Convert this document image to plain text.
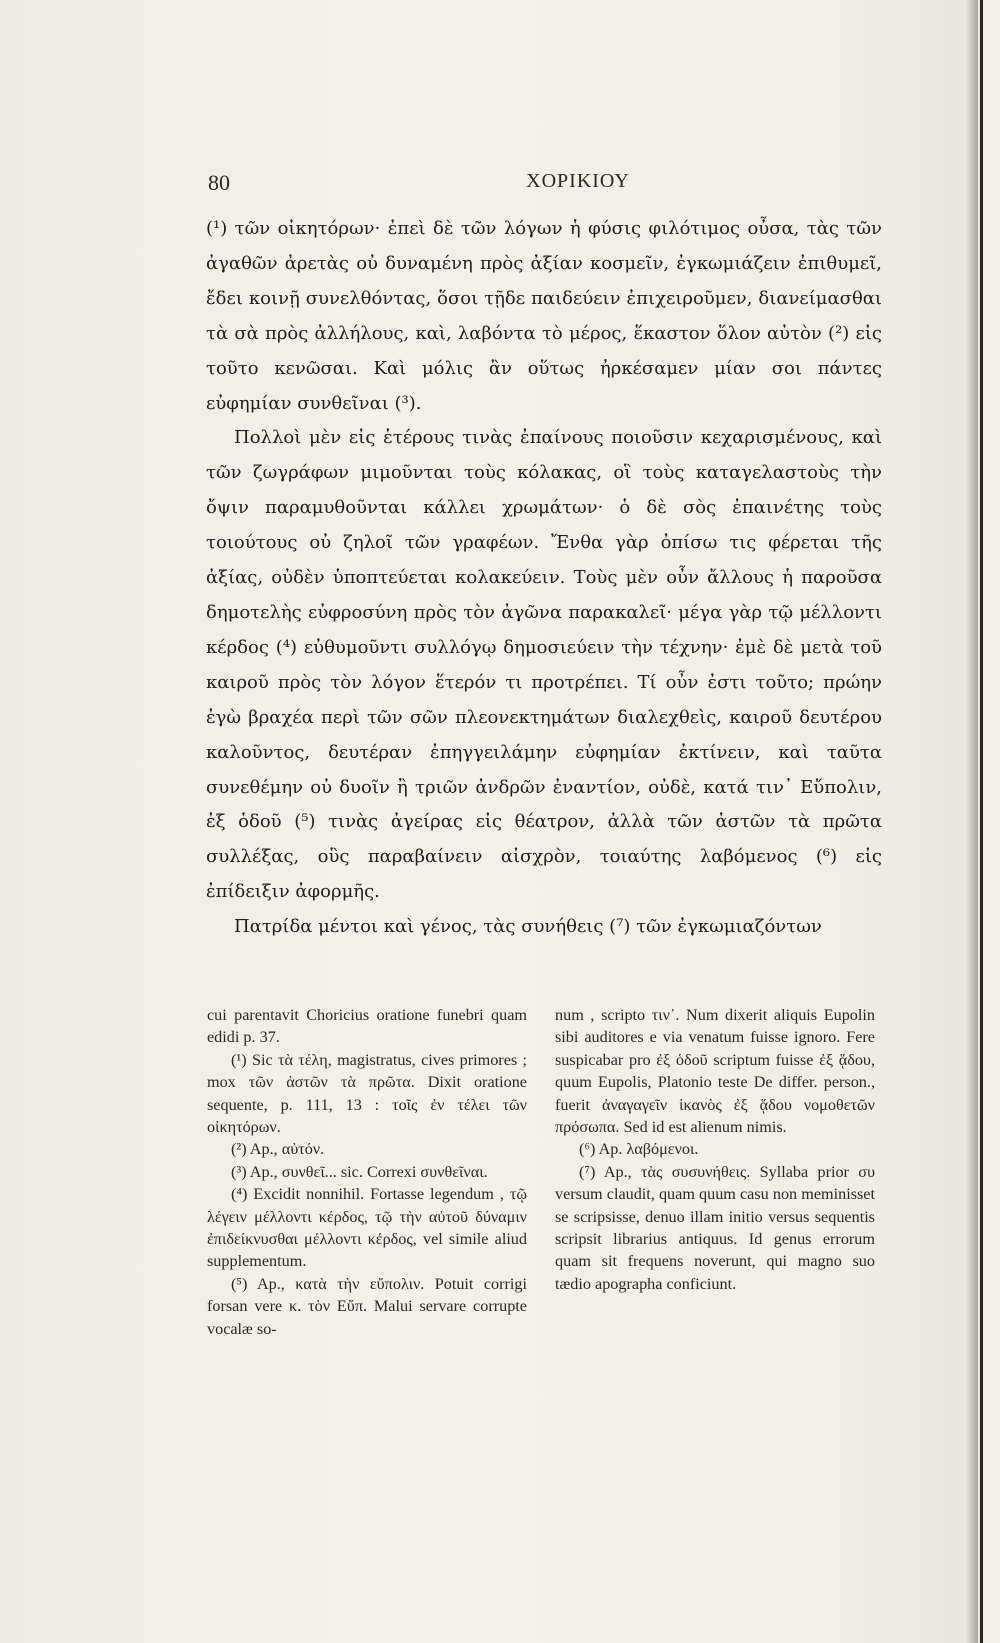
80	ΧΟΡΙΚΙΟΥ

(¹) τῶν οἰκητόρων· ἐπεὶ δὲ τῶν λόγων ἡ φύσις φιλότιμος οὖσα, τὰς τῶν ἀγαθῶν ἀρετὰς οὐ δυναμένη πρὸς ἀξίαν κοσμεῖν, ἐγκωμιάζειν ἐπιθυμεῖ, ἔδει κοινῇ συνελθόντας, ὅσοι τῇδε παιδεύειν ἐπιχειροῦμεν, διανείμασθαι τὰ σὰ πρὸς ἀλλήλους, καὶ, λαβόντα τὸ μέρος, ἕκαστον ὅλον αὐτὸν (²) εἰς τοῦτο κενῶσαι. Καὶ μόλις ἂν οὕτως ἠρκέσαμεν μίαν σοι πάντες εὐφημίαν συνθεῖναι (³).

Πολλοὶ μὲν εἰς ἑτέρους τινὰς ἐπαίνους ποιοῦσιν κεχαρισμένους, καὶ τῶν ζωγράφων μιμοῦνται τοὺς κόλακας, οἳ τοὺς καταγελαστοὺς τὴν ὄψιν παραμυθοῦνται κάλλει χρωμάτων· ὁ δὲ σὸς ἐπαινέτης τοὺς τοιούτους οὐ ζηλοῖ τῶν γραφέων. Ἔνθα γὰρ ὀπίσω τις φέρεται τῆς ἀξίας, οὐδὲν ὑποπτεύεται κολακεύειν. Τοὺς μὲν οὖν ἄλλους ἡ παροῦσα δημοτελὴς εὐφροσύνη πρὸς τὸν ἀγῶνα παρακαλεῖ· μέγα γὰρ τῷ μέλλοντι κέρδος (⁴) εὐθυμοῦντι συλλόγῳ δημοσιεύειν τὴν τέχνην· ἐμὲ δὲ μετὰ τοῦ καιροῦ πρὸς τὸν λόγον ἕτερόν τι προτρέπει. Τί οὖν ἐστι τοῦτο; πρώην ἐγὼ βραχέα περὶ τῶν σῶν πλεονεκτημάτων διαλεχθεὶς, καιροῦ δευτέρου καλοῦντος, δευτέραν ἐπηγγειλάμην εὐφημίαν ἐκτίνειν, καὶ ταῦτα συνεθέμην οὐ δυοῖν ἢ τριῶν ἀνδρῶν ἐναντίον, οὐδὲ, κατά τιν᾽ Εὔπολιν, ἐξ ὁδοῦ (⁵) τινὰς ἀγείρας εἰς θέατρον, ἀλλὰ τῶν ἀστῶν τὰ πρῶτα συλλέξας, οὓς παραβαίνειν αἰσχρὸν, τοιαύτης λαβόμενος (⁶) εἰς ἐπίδειξιν ἀφορμῆς.

Πατρίδα μέντοι καὶ γένος, τὰς συνήθεις (⁷) τῶν ἐγκωμιαζόντων

cui parentavit Choricius oratione funebri quam edidi p. 37.

(¹) Sic τὰ τέλη, magistratus, cives primores ; mox τῶν ἀστῶν τὰ πρῶτα. Dixit oratione sequente, p. 111, 13 : τοῖς ἐν τέλει τῶν οἰκητόρων.

(²) Ap., αὐτόν.

(³) Ap., συνθεῖ... sic. Correxi συνθεῖναι.

(⁴) Excidit nonnihil. Fortasse legendum , τῷ λέγειν μέλλοντι κέρδος, τῷ τὴν αὐτοῦ δύναμιν ἐπιδείκνυσθαι μέλλοντι κέρδος, vel simile aliud supplementum.

(⁵) Ap., κατὰ τὴν εὔπολιν. Potuit corrigi forsan vere κ. τὸν Εὔπ. Malui servare corrupte vocalæ so-

num , scripto τιν᾽. Num dixerit aliquis Eupolin sibi auditores e via venatum fuisse ignoro. Fere suspicabar pro ἐξ ὁδοῦ scriptum fuisse ἐξ ᾅδου, quum Eupolis, Platonio teste De differ. person., fuerit ἀναγαγεῖν ἱκανὸς ἐξ ᾅδου νομοθετῶν πρόσωπα. Sed id est alienum nimis.

(⁶) Ap. λαβόμενοι.

(⁷) Ap., τὰς συσυνήθεις. Syllaba prior συ versum claudit, quam quum casu non meminisset se scripsisse, denuo illam initio versus sequentis scripsit librarius antiquus. Id genus errorum quam sit frequens noverunt, qui magno suo tædio apographa conficiunt.
